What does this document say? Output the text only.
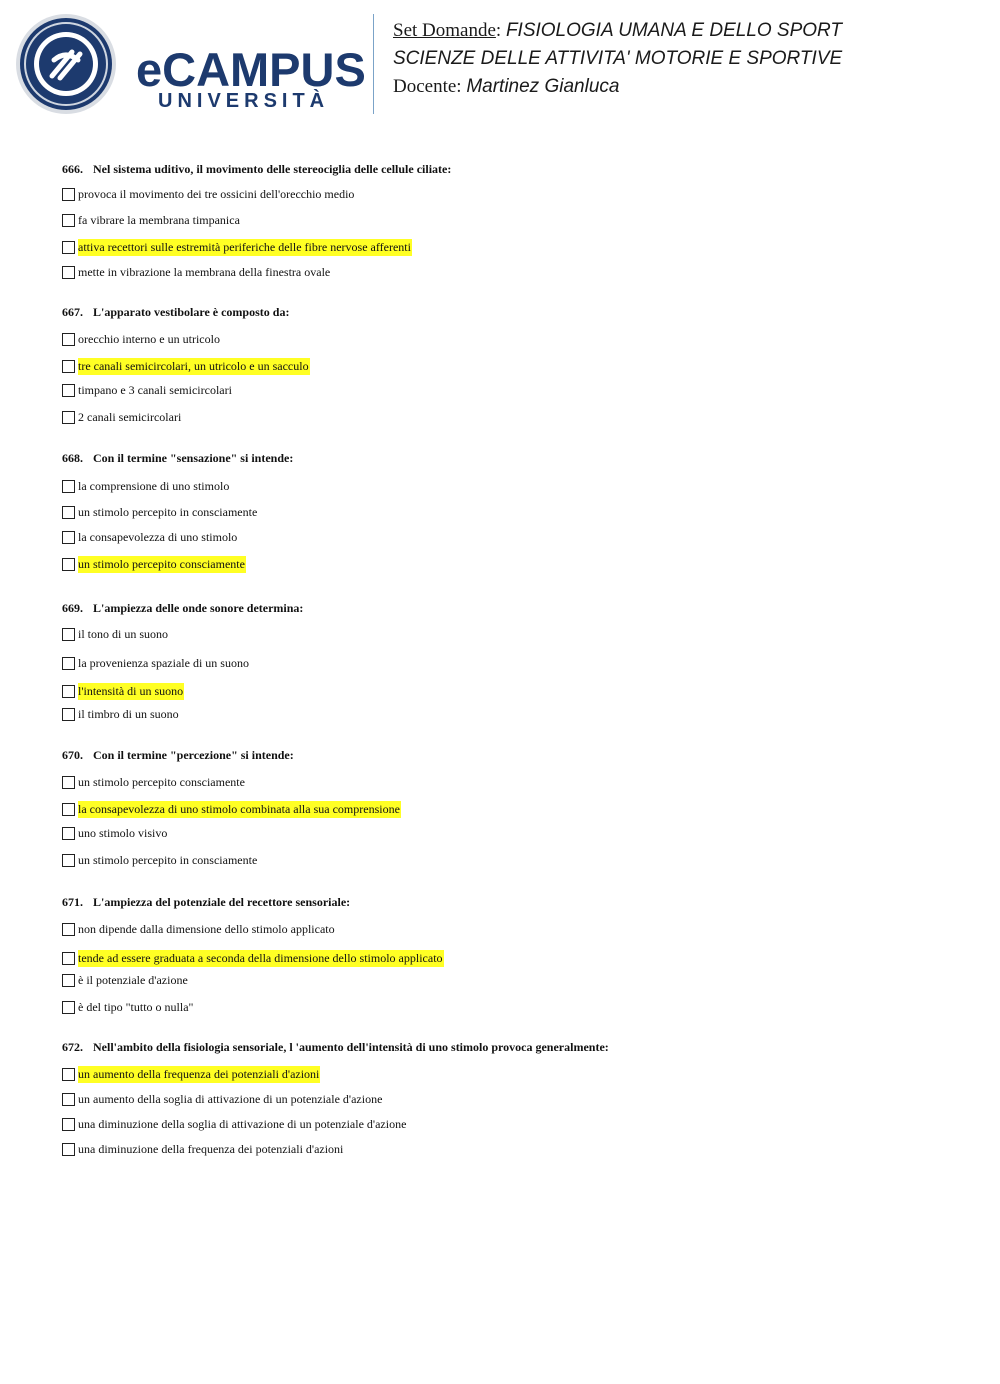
eCAMPUS
UNIVERSITÀ
Set Domande: FISIOLOGIA UMANA E DELLO SPORT
SCIENZE DELLE ATTIVITA' MOTORIE E SPORTIVE
Docente: Martinez Gianluca
666. Nel sistema uditivo, il movimento delle stereociglia delle cellule ciliate:
provoca il movimento dei tre ossicini dell'orecchio medio
fa vibrare la membrana timpanica
attiva recettori sulle estremità periferiche delle fibre nervose afferenti
mette in vibrazione la membrana della finestra ovale
667. L'apparato vestibolare è composto da:
orecchio interno e un utricolo
tre canali semicircolari, un utricolo e un sacculo
timpano e 3 canali semicircolari
2 canali semicircolari
668. Con il termine "sensazione" si intende:
la comprensione di uno stimolo
un stimolo percepito in consciamente
la consapevolezza di uno stimolo
un stimolo percepito consciamente
669. L'ampiezza delle onde sonore determina:
il tono di un suono
la provenienza spaziale di un suono
l'intensità di un suono
il timbro di un suono
670. Con il termine "percezione" si intende:
un stimolo percepito consciamente
la consapevolezza di uno stimolo combinata alla sua comprensione
uno stimolo visivo
un stimolo percepito in consciamente
671. L'ampiezza del potenziale del recettore sensoriale:
non dipende dalla dimensione dello stimolo applicato
tende ad essere graduata a seconda della dimensione dello stimolo applicato
è il potenziale d'azione
è del tipo "tutto o nulla"
672. Nell'ambito della fisiologia sensoriale, l 'aumento dell'intensità di uno stimolo provoca generalmente:
un aumento della frequenza dei potenziali d'azioni
un aumento della soglia di attivazione di un potenziale d'azione
una diminuzione della soglia di attivazione di un potenziale d'azione
una diminuzione della frequenza dei potenziali d'azioni
